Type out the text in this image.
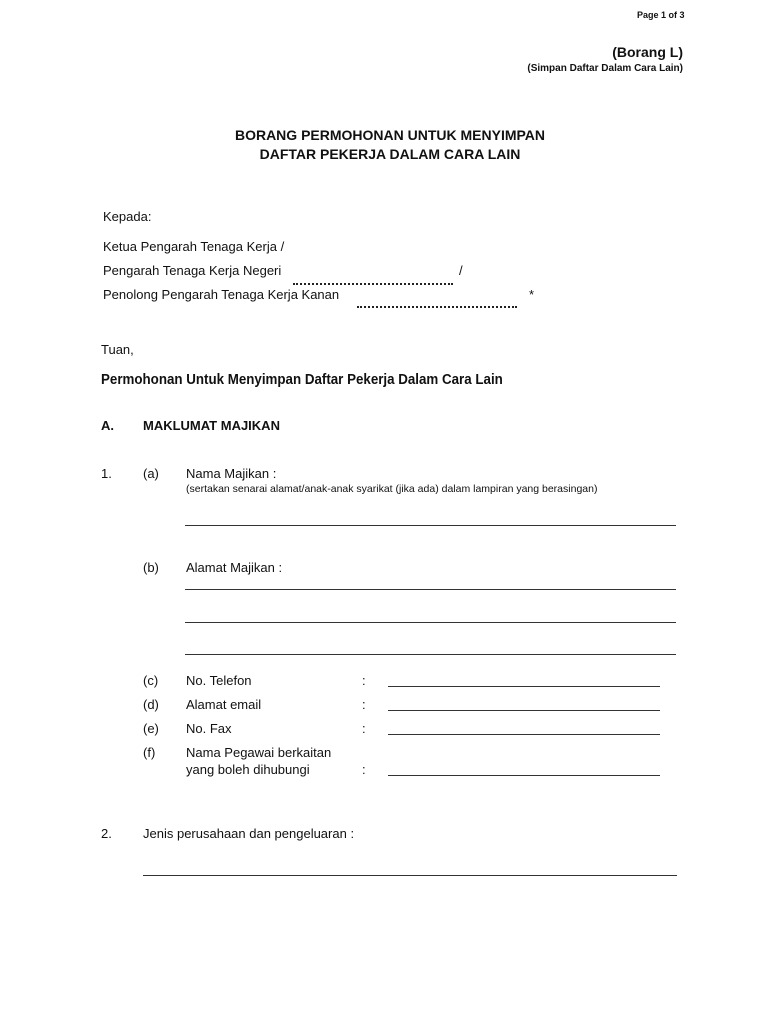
Page 1 of 3
(Borang L)
(Simpan Daftar Dalam Cara Lain)
BORANG PERMOHONAN UNTUK MENYIMPAN
DAFTAR PEKERJA DALAM CARA LAIN
Kepada:
Ketua Pengarah Tenaga Kerja /
Pengarah Tenaga Kerja Negeri	/
Penolong Pengarah Tenaga Kerja Kanan	*
Tuan,
Permohonan Untuk Menyimpan Daftar Pekerja Dalam Cara Lain
A. MAKLUMAT MAJIKAN
1. (a) Nama Majikan :
(sertakan senarai alamat/anak-anak syarikat (jika ada) dalam lampiran yang berasingan)
(b) Alamat Majikan :
(c) No. Telefon	:
(d) Alamat email	:
(e) No. Fax	:
(f) Nama Pegawai berkaitan
yang boleh dihubungi	:
2. Jenis perusahaan dan pengeluaran :
